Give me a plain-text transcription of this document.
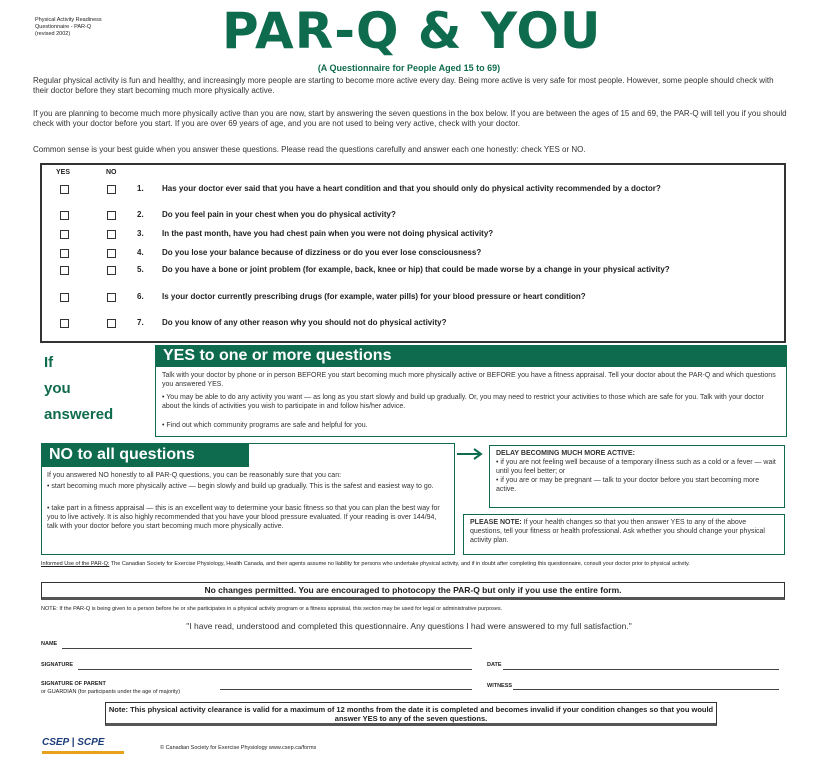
Physical Activity Readiness
Questionnaire - PAR-Q
(revised 2002)	PAR-Q & YOU
(A Questionnaire for People Aged 15 to 69)
Regular physical activity is fun and healthy, and increasingly more people are starting to become more active every day. Being more active is very safe for most people. However, some people should check with their doctor before they start becoming much more physically active.
If you are planning to become much more physically active than you are now, start by answering the seven questions in the box below. If you are between the ages of 15 and 69, the PAR-Q will tell you if you should check with your doctor before you start. If you are over 69 years of age, and you are not used to being very active, check with your doctor.
Common sense is your best guide when you answer these questions. Please read the questions carefully and answer each one honestly: check YES or NO.
YES	NO
1. Has your doctor ever said that you have a heart condition and that you should only do physical activity recommended by a doctor?
2. Do you feel pain in your chest when you do physical activity?
3. In the past month, have you had chest pain when you were not doing physical activity?
4. Do you lose your balance because of dizziness or do you ever lose consciousness?
5. Do you have a bone or joint problem (for example, back, knee or hip) that could be made worse by a change in your physical activity?
6. Is your doctor currently prescribing drugs (for example, water pills) for your blood pressure or heart condition?
7. Do you know of any other reason why you should not do physical activity?
If
you
answered
YES to one or more questions
Talk with your doctor by phone or in person BEFORE you start becoming much more physically active or BEFORE you have a fitness appraisal. Tell your doctor about the PAR-Q and which questions you answered YES.
• You may be able to do any activity you want — as long as you start slowly and build up gradually. Or, you may need to restrict your activities to those which are safe for you. Talk with your doctor about the kinds of activities you wish to participate in and follow his/her advice.
• Find out which community programs are safe and helpful for you.
NO to all questions
If you answered NO honestly to all PAR-Q questions, you can be reasonably sure that you can:
• start becoming much more physically active — begin slowly and build up gradually. This is the safest and easiest way to go.
• take part in a fitness appraisal — this is an excellent way to determine your basic fitness so that you can plan the best way for you to live actively. It is also highly recommended that you have your blood pressure evaluated. If your reading is over 144/94, talk with your doctor before you start becoming much more physically active.
DELAY BECOMING MUCH MORE ACTIVE:
• if you are not feeling well because of a temporary illness such as a cold or a fever — wait until you feel better; or
• if you are or may be pregnant — talk to your doctor before you start becoming more active.
PLEASE NOTE: If your health changes so that you then answer YES to any of the above questions, tell your fitness or health professional. Ask whether you should change your physical activity plan.
Informed Use of the PAR-Q: The Canadian Society for Exercise Physiology, Health Canada, and their agents assume no liability for persons who undertake physical activity, and if in doubt after completing this questionnaire, consult your doctor prior to physical activity.
No changes permitted. You are encouraged to photocopy the PAR-Q but only if you use the entire form.
NOTE: If the PAR-Q is being given to a person before he or she participates in a physical activity program or a fitness appraisal, this section may be used for legal or administrative purposes.
"I have read, understood and completed this questionnaire. Any questions I had were answered to my full satisfaction."
NAME
SIGNATURE	DATE
SIGNATURE OF PARENT
or GUARDIAN (for participants under the age of majority)
WITNESS
Note: This physical activity clearance is valid for a maximum of 12 months from the date it is completed and becomes invalid if your condition changes so that you would answer YES to any of the seven questions.
CSEP | SCPE	© Canadian Society for Exercise Physiology www.csep.ca/forms
